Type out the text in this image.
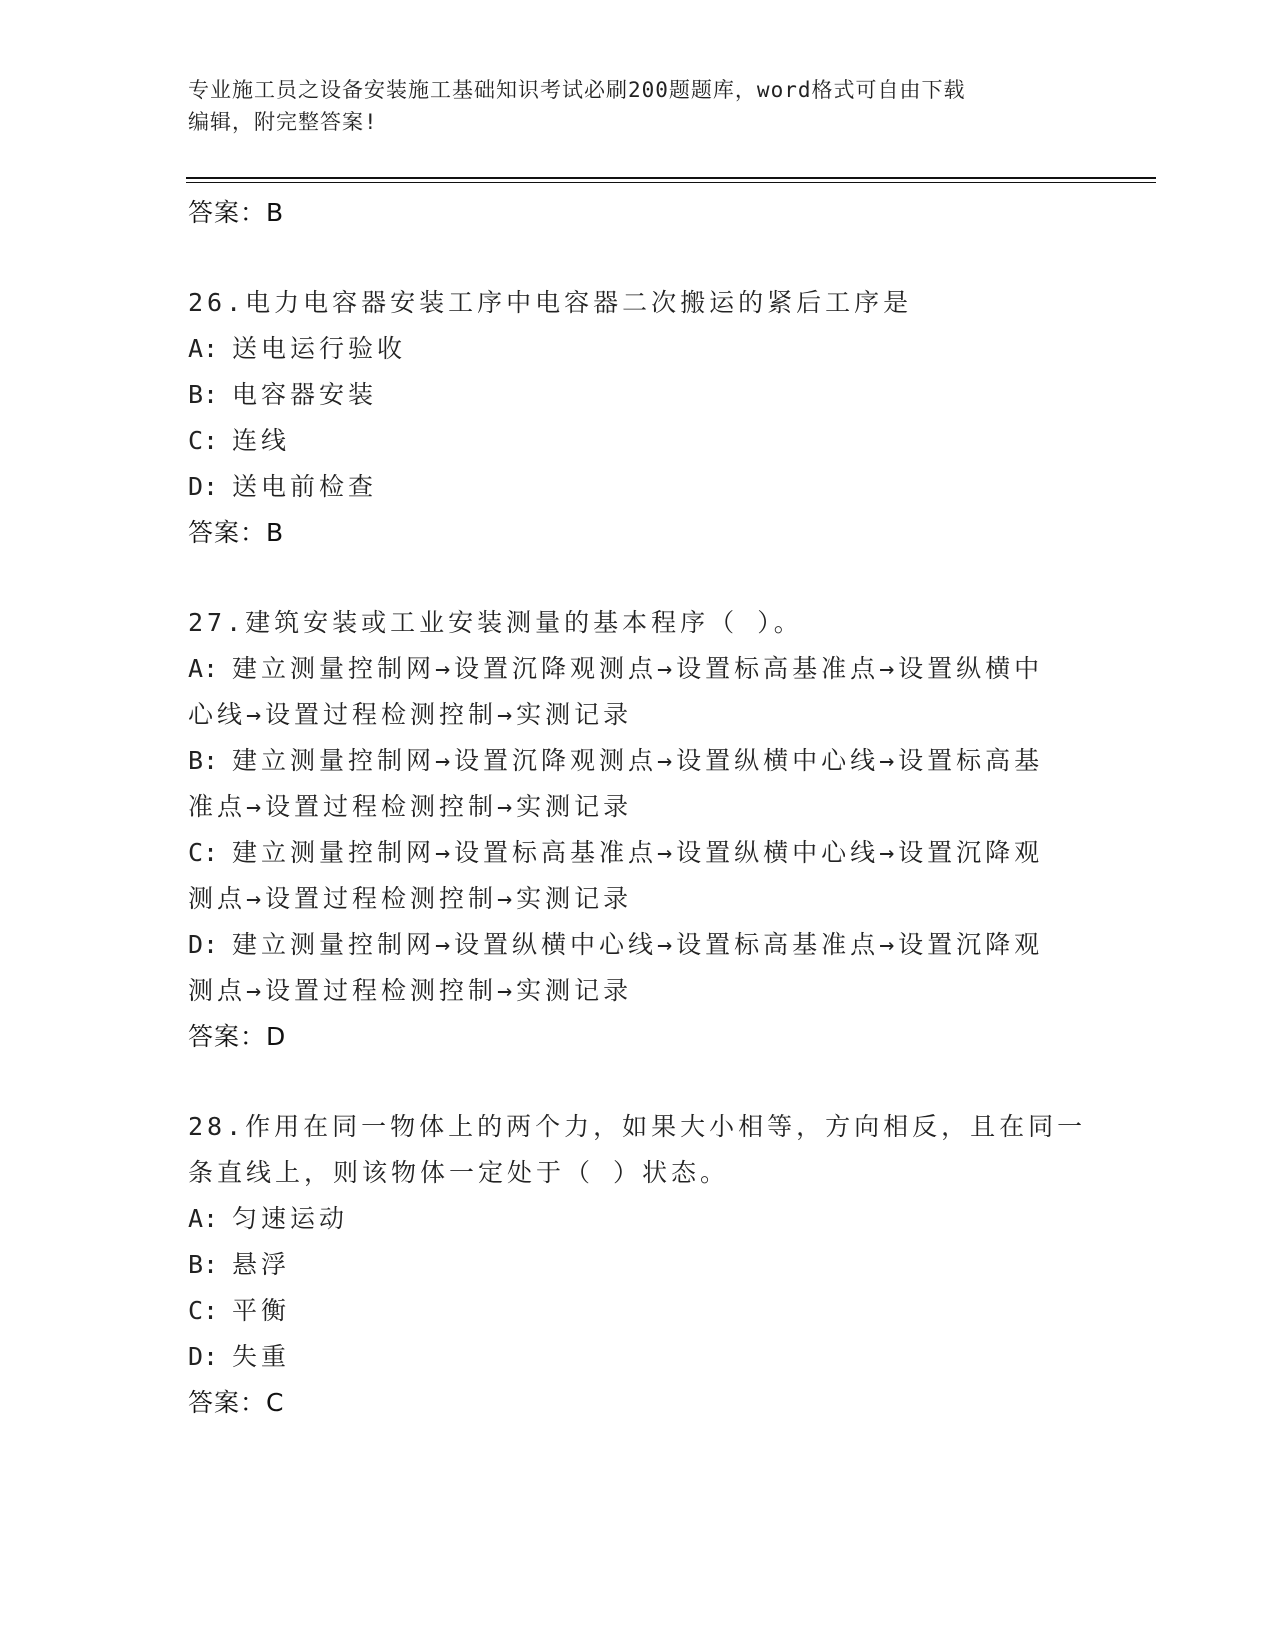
专业施工员之设备安装施工基础知识考试必刷200题题库，word格式可自由下载
编辑，附完整答案!
答案：B
26.电力电容器安装工序中电容器二次搬运的紧后工序是
A: 送电运行验收
B: 电容器安装
C: 连线
D: 送电前检查
答案：B
27.建筑安装或工业安装测量的基本程序（ ）。
A: 建立测量控制网→设置沉降观测点→设置标高基准点→设置纵横中
心线→设置过程检测控制→实测记录
B: 建立测量控制网→设置沉降观测点→设置纵横中心线→设置标高基
准点→设置过程检测控制→实测记录
C: 建立测量控制网→设置标高基准点→设置纵横中心线→设置沉降观
测点→设置过程检测控制→实测记录
D: 建立测量控制网→设置纵横中心线→设置标高基准点→设置沉降观
测点→设置过程检测控制→实测记录
答案：D
28.作用在同一物体上的两个力，如果大小相等，方向相反，且在同一
条直线上，则该物体一定处于（ ）状态。
A: 匀速运动
B: 悬浮
C: 平衡
D: 失重
答案：C
